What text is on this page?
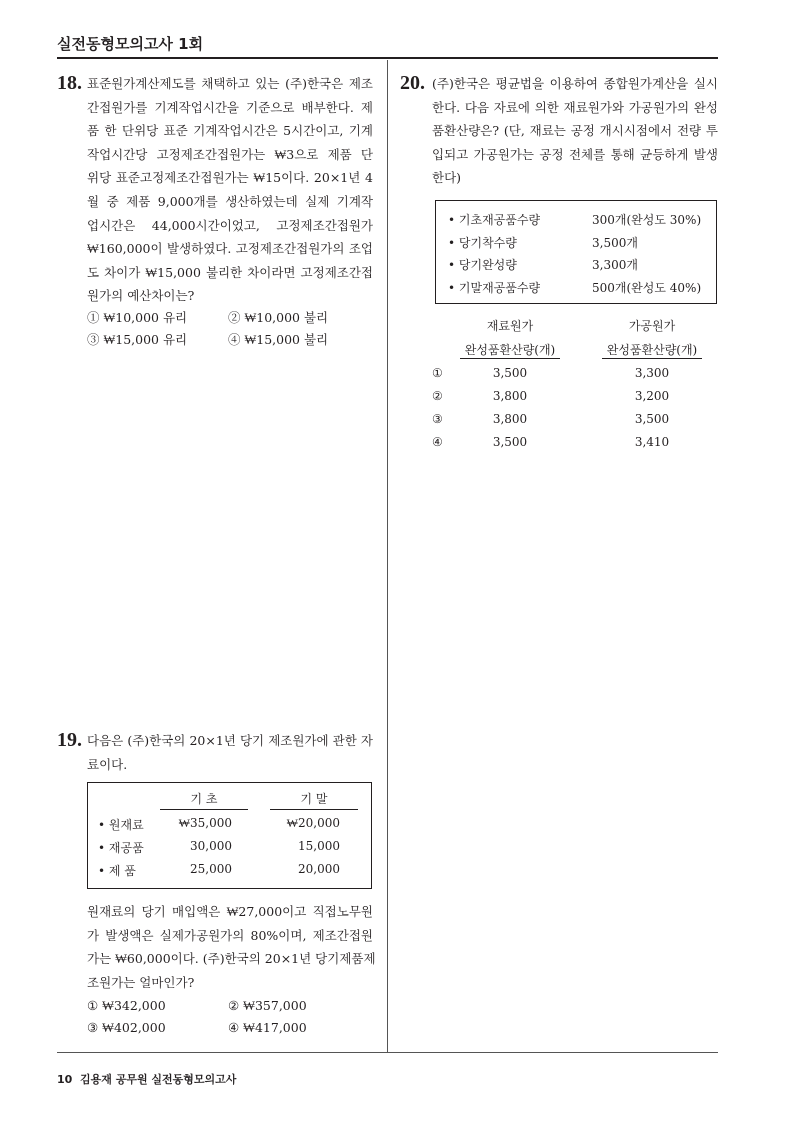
실전동형모의고사 1회
10 김용재 공무원 실전동형모의고사
18. 표준원가계산제도를 채택하고 있는 (주)한국은 제조
간접원가를 기계작업시간을 기준으로 배부한다. 제
품 한 단위당 표준 기계작업시간은 5시간이고, 기계
작업시간당 고정제조간접원가는 ₩3으로 제품 단
위당 표준고정제조간접원가는 ₩15이다. 20×1년 4
월 중 제품 9,000개를 생산하였는데 실제 기계작
업시간은 44,000시간이었고, 고정제조간접원가
₩160,000이 발생하였다. 고정제조간접원가의 조업
도 차이가 ₩15,000 불리한 차이라면 고정제조간접
원가의 예산차이는?
① ₩10,000 유리	② ₩10,000 불리
③ ₩15,000 유리	④ ₩15,000 불리
19. 다음은 (주)한국의 20×1년 당기 제조원가에 관한 자
료이다.
기 초	기 말
• 원재료	₩35,000	₩20,000
• 재공품	30,000	15,000
• 제 품	25,000	20,000
원재료의 당기 매입액은 ₩27,000이고 직접노무원
가 발생액은 실제가공원가의 80%이며, 제조간접원
가는 ₩60,000이다. (주)한국의 20×1년 당기제품제
조원가는 얼마인가?
① ₩342,000	② ₩357,000
③ ₩402,000	④ ₩417,000
20. (주)한국은 평균법을 이용하여 종합원가계산을 실시
한다. 다음 자료에 의한 재료원가와 가공원가의 완성
품환산량은? (단, 재료는 공정 개시시점에서 전량 투
입되고 가공원가는 공정 전체를 통해 균등하게 발생
한다)
• 기초재공품수량	300개(완성도 30%)
• 당기착수량	3,500개
• 당기완성량	3,300개
• 기말재공품수량	500개(완성도 40%)
재료원가
완성품환산량(개)
가공원가
완성품환산량(개)
①	3,500	3,300
②	3,800	3,200
③	3,800	3,500
④	3,500	3,410
